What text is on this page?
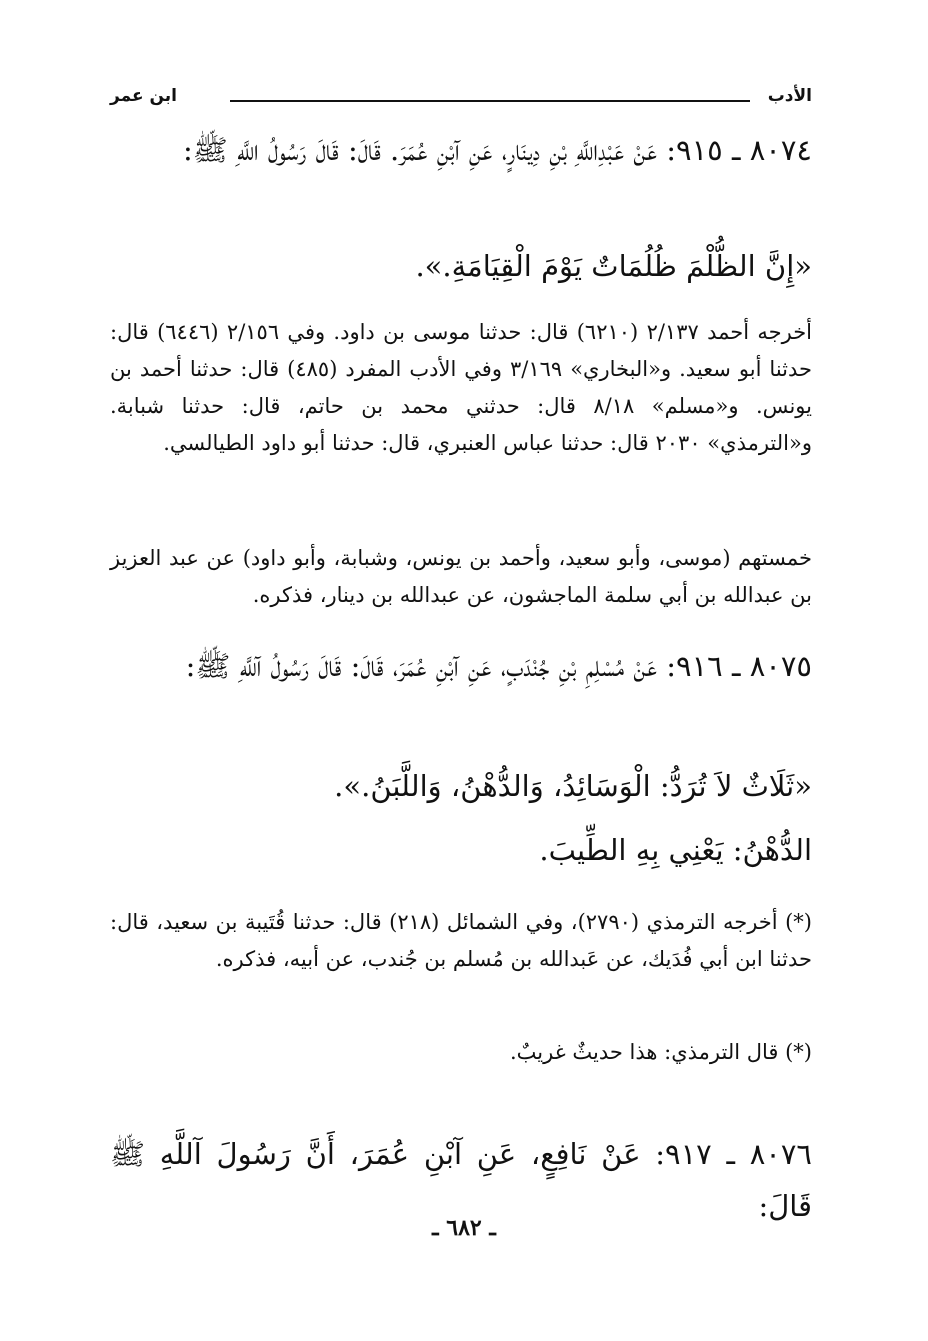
الأدب
ابن عمر
٨٠٧٤ ـ ٩١٥: عَنْ عَبْدِاللَّهِ بْنِ دِينَارٍ، عَنِ آبْنِ عُمَرَ. قَالَ: قَالَ رَسُولُ اللَّهِ ﷺ:
«إِنَّ الظُّلْمَ ظُلُمَاتٌ يَوْمَ الْقِيَامَةِ.».
أخرجه أحمد ٢/١٣٧ (٦٢١٠) قال: حدثنا موسى بن داود. وفي ٢/١٥٦ (٦٤٤٦) قال: حدثنا أبو سعيد. و«البخاري» ٣/١٦٩ وفي الأدب المفرد (٤٨٥) قال: حدثنا أحمد بن يونس. و«مسلم» ٨/١٨ قال: حدثني محمد بن حاتم، قال: حدثنا شبابة. و«الترمذي» ٢٠٣٠ قال: حدثنا عباس العنبري، قال: حدثنا أبو داود الطيالسي.
خمستهم (موسى، وأبو سعيد، وأحمد بن يونس، وشبابة، وأبو داود) عن عبد العزيز بن عبدالله بن أبي سلمة الماجشون، عن عبدالله بن دينار، فذكره.
٨٠٧٥ ـ ٩١٦: عَنْ مُسْلِمِ بْنِ جُنْدَبٍ، عَنِ آبْنِ عُمَرَ، قَالَ: قَالَ رَسُولُ آللَّهِ ﷺ:
«ثَلَاثٌ لاَ تُرَدُّ: الْوَسَائِدُ، وَالدُّهْنُ، وَاللَّبَنُ.».
الدُّهْنُ: يَعْنِي بِهِ الطِّيبَ.
(*) أخرجه الترمذي (٢٧٩٠)، وفي الشمائل (٢١٨) قال: حدثنا قُتَيبة بن سعيد، قال: حدثنا ابن أبي فُدَيك، عن عَبدالله بن مُسلم بن جُندب، عن أبيه، فذكره.
(*) قال الترمذي: هذا حديثٌ غريبٌ.
٨٠٧٦ ـ ٩١٧: عَنْ نَافِعٍ، عَنِ آبْنِ عُمَرَ، أَنَّ رَسُولَ آللَّهِ ﷺ قَالَ:
ـ ٦٨٢ ـ
